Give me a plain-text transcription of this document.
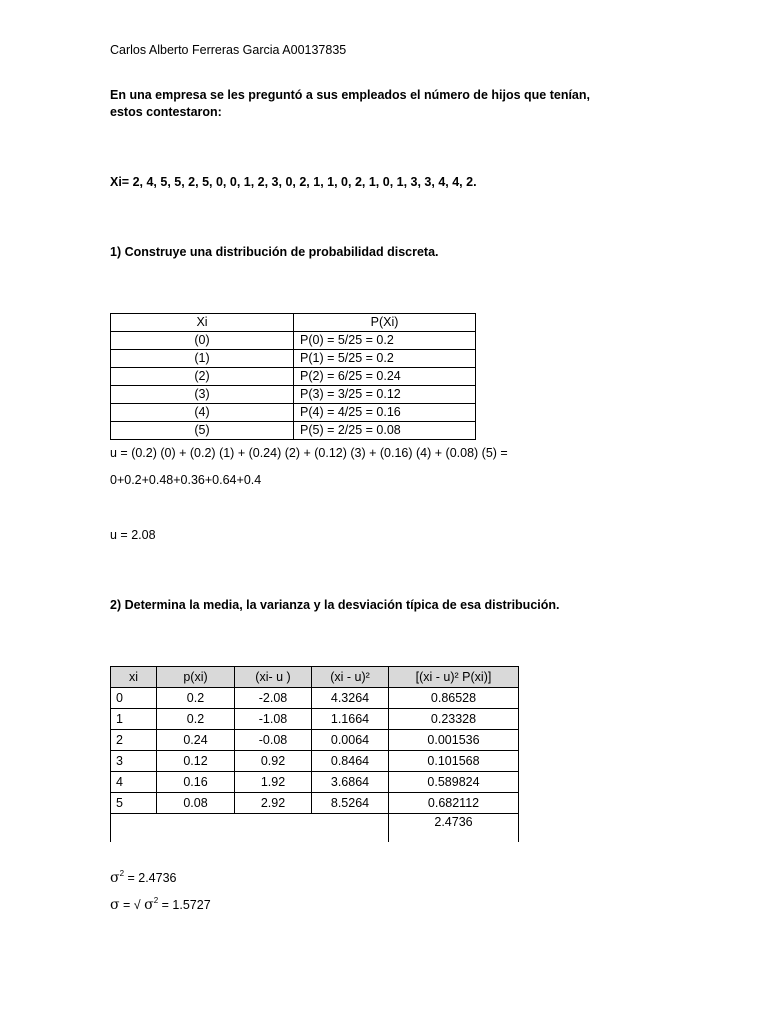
Carlos Alberto Ferreras Garcia A00137835
En una empresa se les preguntó a sus empleados el número de hijos que tenían,
estos contestaron:
Xi= 2, 4, 5, 5, 2, 5, 0, 0, 1, 2, 3, 0, 2, 1, 1, 0, 2, 1, 0, 1, 3, 3, 4, 4, 2.
1) Construye una distribución de probabilidad discreta.
Xi	P(Xi)
(0)	P(0) = 5/25 = 0.2
(1)	P(1) = 5/25 = 0.2
(2)	P(2) = 6/25 = 0.24
(3)	P(3) = 3/25 = 0.12
(4)	P(4) = 4/25 = 0.16
(5)	P(5) = 2/25 = 0.08
u = (0.2) (0) + (0.2) (1) + (0.24) (2) + (0.12) (3) + (0.16) (4) + (0.08) (5) =
0+0.2+0.48+0.36+0.64+0.4
u = 2.08
2) Determina la media, la varianza y la desviación típica de esa distribución.
xi	p(xi)	(xi- u )	(xi - u)²	[(xi - u)² P(xi)]
0	0.2	-2.08	4.3264	0.86528
1	0.2	-1.08	1.1664	0.23328
2	0.24	-0.08	0.0064	0.001536
3	0.12	0.92	0.8464	0.101568
4	0.16	1.92	3.6864	0.589824
5	0.08	2.92	8.5264	0.682112
				2.4736
$\sigma^2 = 2.4736$
σ = √ $\sigma^2 = 1.5727$
